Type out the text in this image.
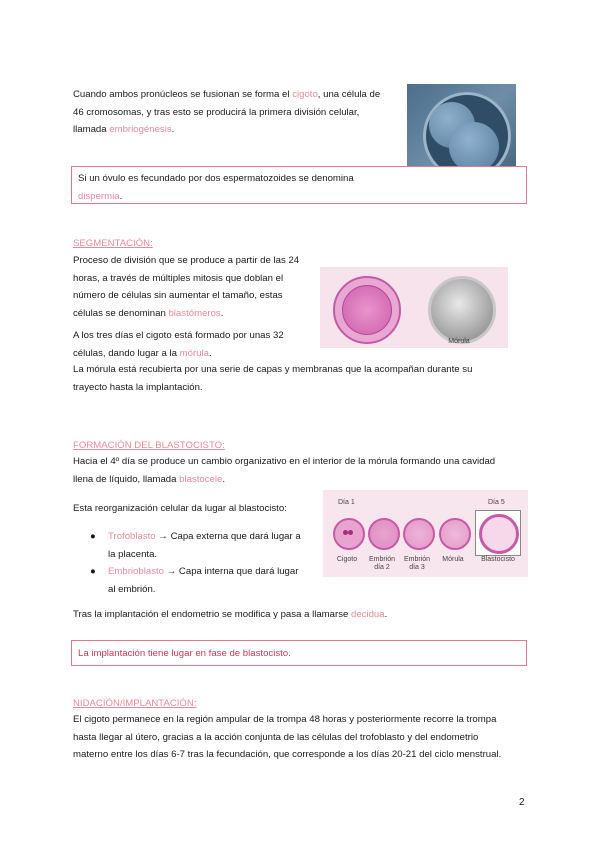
Cuando ambos pronúcleos se fusionan se forma el cigoto, una célula de
46 cromosomas, y tras esto se producirá la primera división celular,
llamada embriogénesis.
Si un óvulo es fecundado por dos espermatozoides se denomina
dispermia.
SEGMENTACIÓN:
Proceso de división que se produce a partir de las 24
horas, a través de múltiples mitosis que doblan el
número de células sin aumentar el tamaño, estas
células se denominan blastómeros.
A los tres días el cigoto está formado por unas 32
células, dando lugar a la mórula.
La mórula está recubierta por una serie de capas y membranas que la acompañan durante su
trayecto hasta la implantación.
Mórula
FORMACIÓN DEL BLASTOCISTO:
Hacia el 4º día se produce un cambio organizativo en el interior de la mórula formando una cavidad
llena de líquido, llamada blastocele.
Esta reorganización celular da lugar al blastocisto:
● Trofoblasto → Capa externa que dará lugar a
la placenta.
● Embrioblasto → Capa interna que dará lugar
al embrión.
Día 1	Día 5
Cigoto	Embrión
día 2
Embrión
día 3
Mórula	Blastocisto
Tras la implantación el endometrio se modifica y pasa a llamarse decidua.
La implantación tiene lugar en fase de blastocisto.
NIDACIÓN/IMPLANTACIÓN:
El cigoto permanece en la región ampular de la trompa 48 horas y posteriormente recorre la trompa
hasta llegar al útero, gracias a la acción conjunta de las células del trofoblasto y del endometrio
materno entre los días 6-7 tras la fecundación, que corresponde a los días 20-21 del ciclo menstrual.
2
